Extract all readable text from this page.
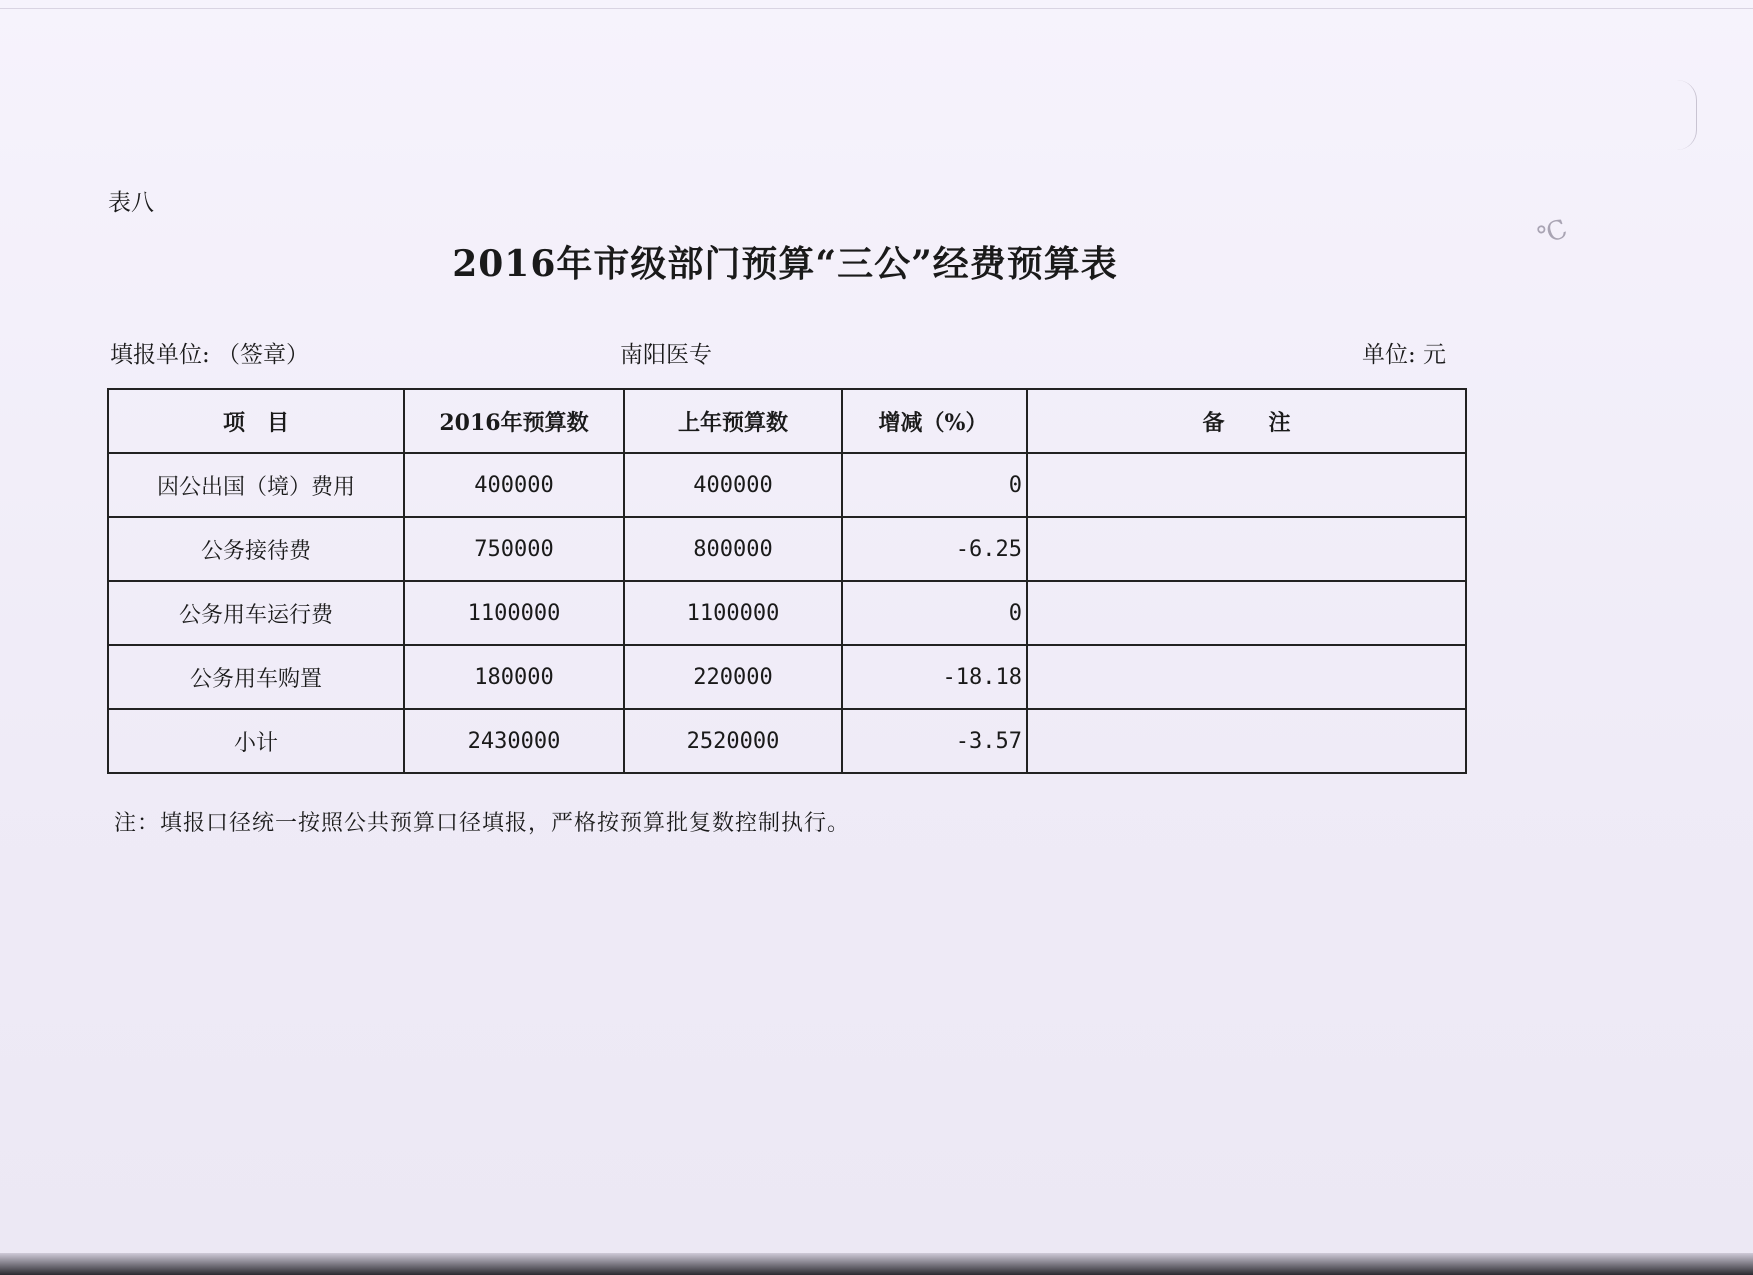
℃
表八
2016年市级部门预算“三公”经费预算表
填报单位: （签章）	南阳医专	单位: 元
项　目	2016年预算数	上年预算数	增减（%）	备　　注
因公出国（境）费用	400000	400000	0	
公务接待费	750000	800000	-6.25	
公务用车运行费	1100000	1100000	0	
公务用车购置	180000	220000	-18.18	
小计	2430000	2520000	-3.57	
注：填报口径统一按照公共预算口径填报，严格按预算批复数控制执行。
